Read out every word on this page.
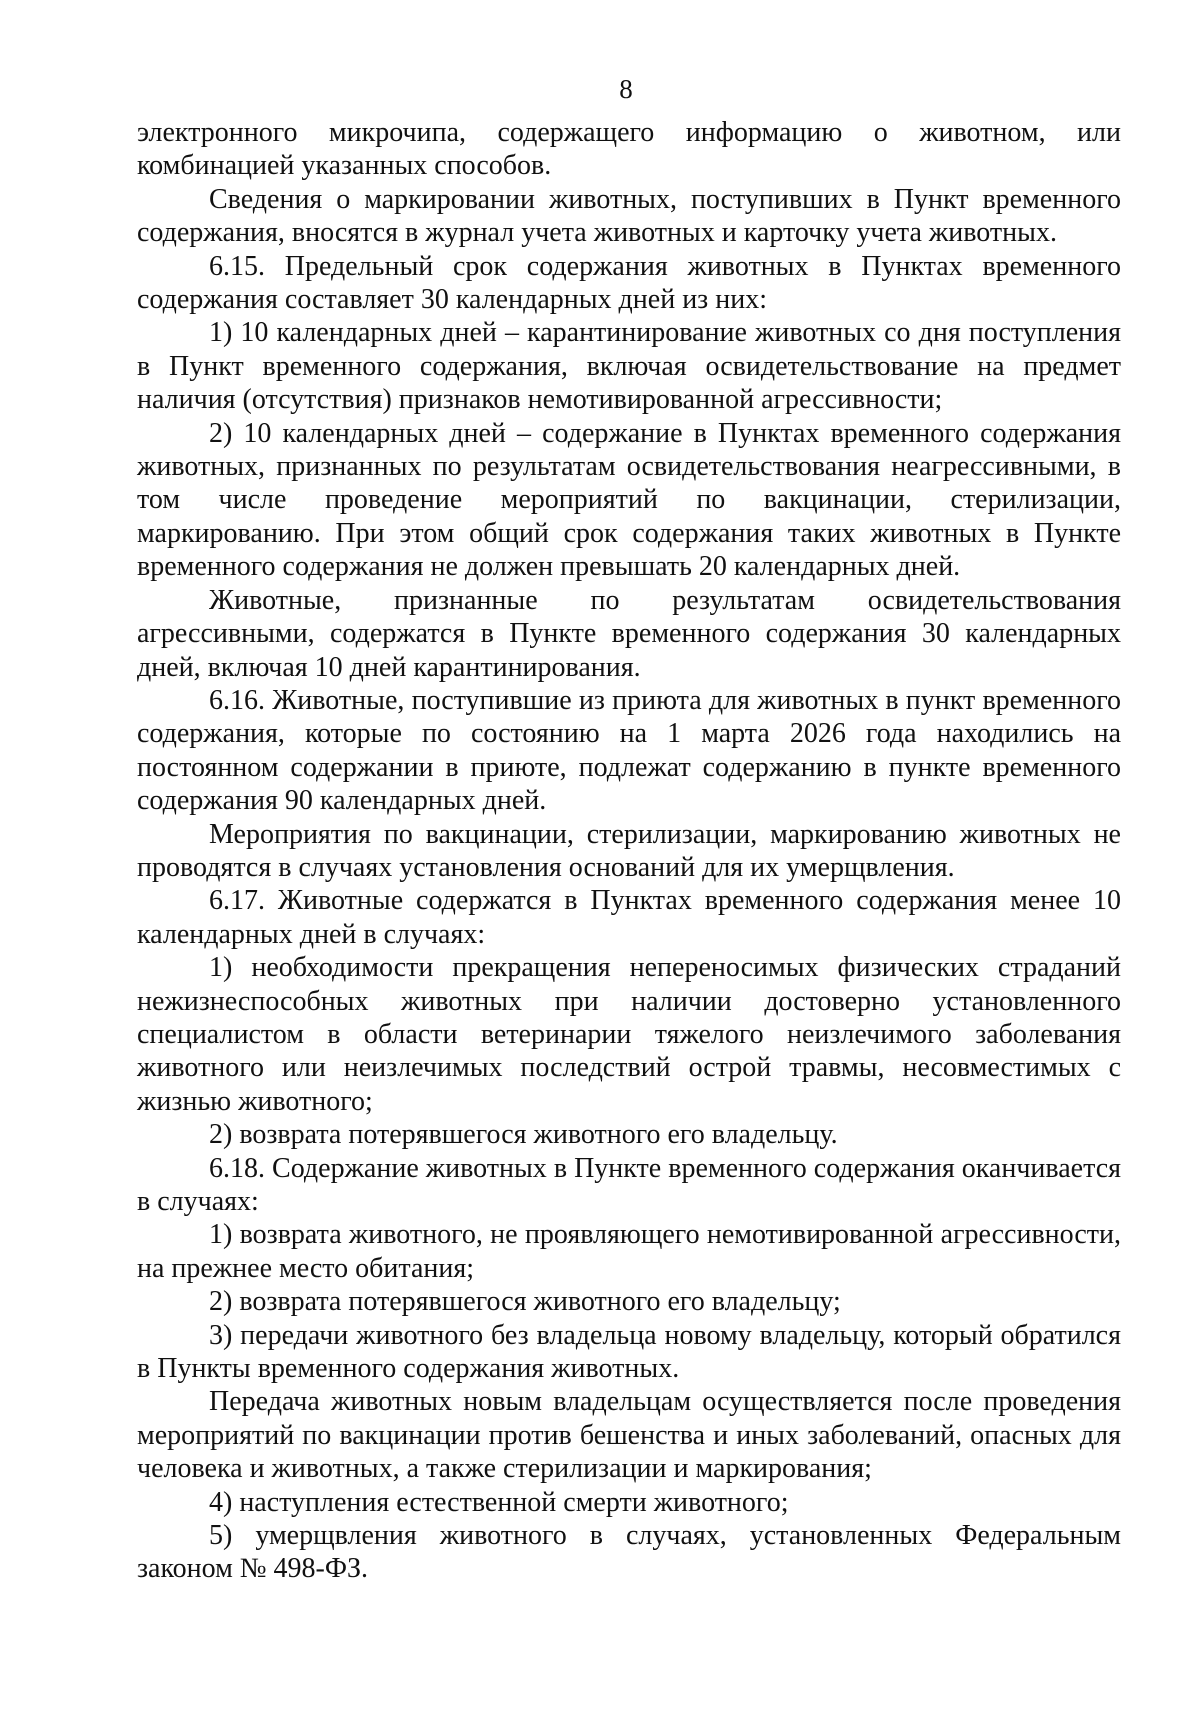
8

электронного микрочипа, содержащего информацию о животном, или комбинацией указанных способов.

Сведения о маркировании животных, поступивших в Пункт временного содержания, вносятся в журнал учета животных и карточку учета животных.

6.15. Предельный срок содержания животных в Пунктах временного содержания составляет 30 календарных дней из них:

1) 10 календарных дней – карантинирование животных со дня поступления в Пункт временного содержания, включая освидетельствование на предмет наличия (отсутствия) признаков немотивированной агрессивности;

2) 10 календарных дней – содержание в Пунктах временного содержания животных, признанных по результатам освидетельствования неагрессивными, в том числе проведение мероприятий по вакцинации, стерилизации, маркированию. При этом общий срок содержания таких животных в Пункте временного содержания не должен превышать 20 календарных дней.

Животные, признанные по результатам освидетельствования агрессивными, содержатся в Пункте временного содержания 30 календарных дней, включая 10 дней карантинирования.

6.16. Животные, поступившие из приюта для животных в пункт временного содержания, которые по состоянию на 1 марта 2026 года находились на постоянном содержании в приюте, подлежат содержанию в пункте временного содержания 90 календарных дней.

Мероприятия по вакцинации, стерилизации, маркированию животных не проводятся в случаях установления оснований для их умерщвления.

6.17. Животные содержатся в Пунктах временного содержания менее 10 календарных дней в случаях:

1) необходимости прекращения непереносимых физических страданий нежизнеспособных животных при наличии достоверно установленного специалистом в области ветеринарии тяжелого неизлечимого заболевания животного или неизлечимых последствий острой травмы, несовместимых с жизнью животного;

2) возврата потерявшегося животного его владельцу.

6.18. Содержание животных в Пункте временного содержания оканчивается в случаях:

1) возврата животного, не проявляющего немотивированной агрессивности, на прежнее место обитания;

2) возврата потерявшегося животного его владельцу;

3) передачи животного без владельца новому владельцу, который обратился в Пункты временного содержания животных.

Передача животных новым владельцам осуществляется после проведения мероприятий по вакцинации против бешенства и иных заболеваний, опасных для человека и животных, а также стерилизации и маркирования;

4) наступления естественной смерти животного;

5) умерщвления животного в случаях, установленных Федеральным законом № 498-ФЗ.
